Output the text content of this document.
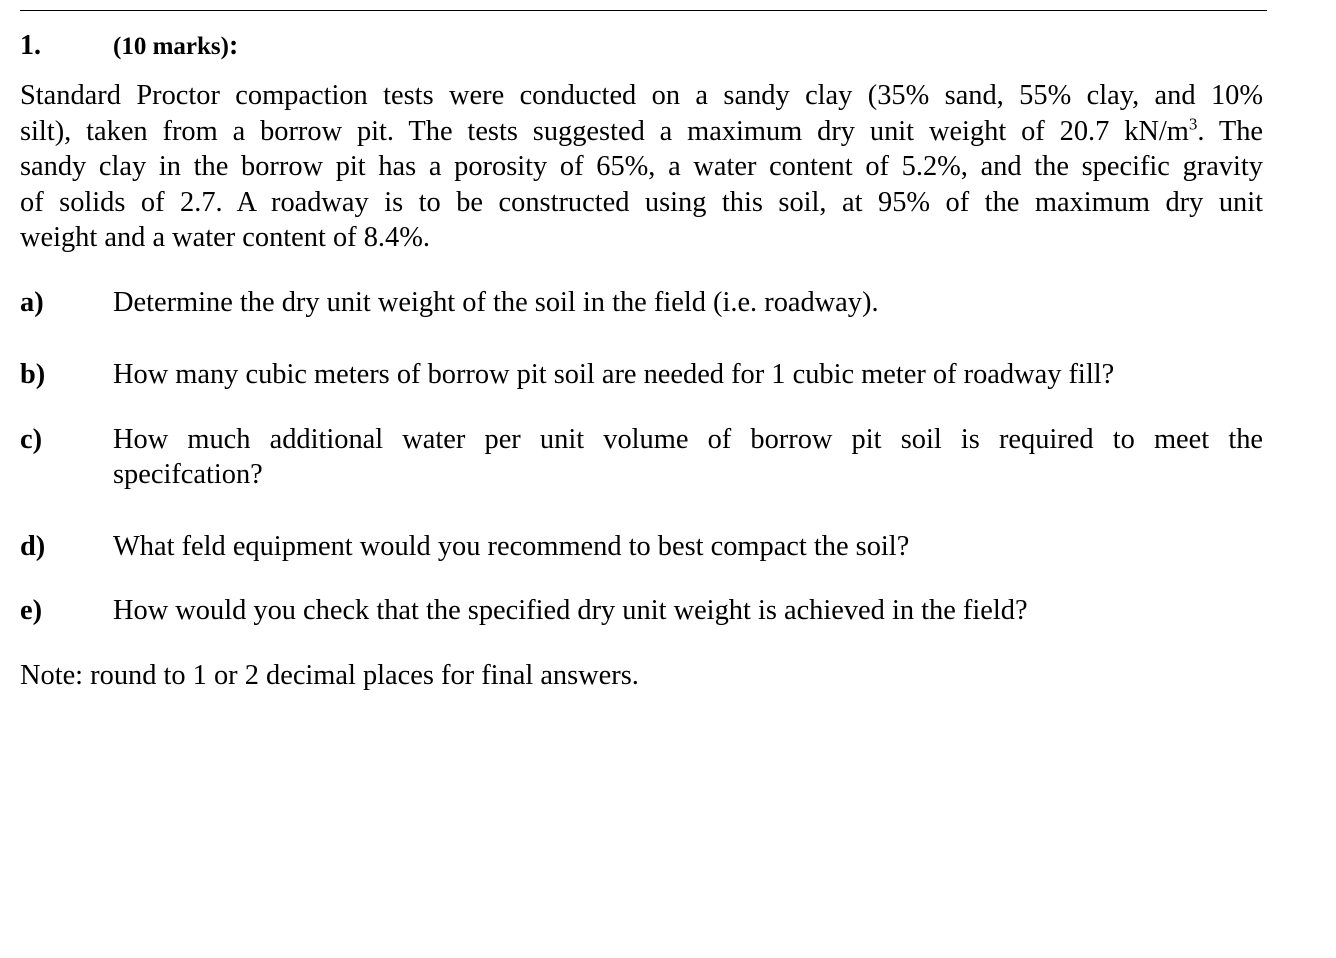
1.	(10 marks):
Standard Proctor compaction tests were conducted on a sandy clay (35% sand, 55% clay, and 10%
silt), taken from a borrow pit. The tests suggested a maximum dry unit weight of 20.7 $kN/m^3$. The
sandy clay in the borrow pit has a porosity of 65%, a water content of 5.2%, and the specific gravity
of solids of 2.7. A roadway is to be constructed using this soil, at 95% of the maximum dry unit
weight and a water content of 8.4%.
a) Determine the dry unit weight of the soil in the field (i.e. roadway).
b) How many cubic meters of borrow pit soil are needed for 1 cubic meter of roadway fill?
c) How much additional water per unit volume of borrow pit soil is required to meet the
specifcation?
d) What feld equipment would you recommend to best compact the soil?
e) How would you check that the specified dry unit weight is achieved in the field?
Note: round to 1 or 2 decimal places for final answers.
